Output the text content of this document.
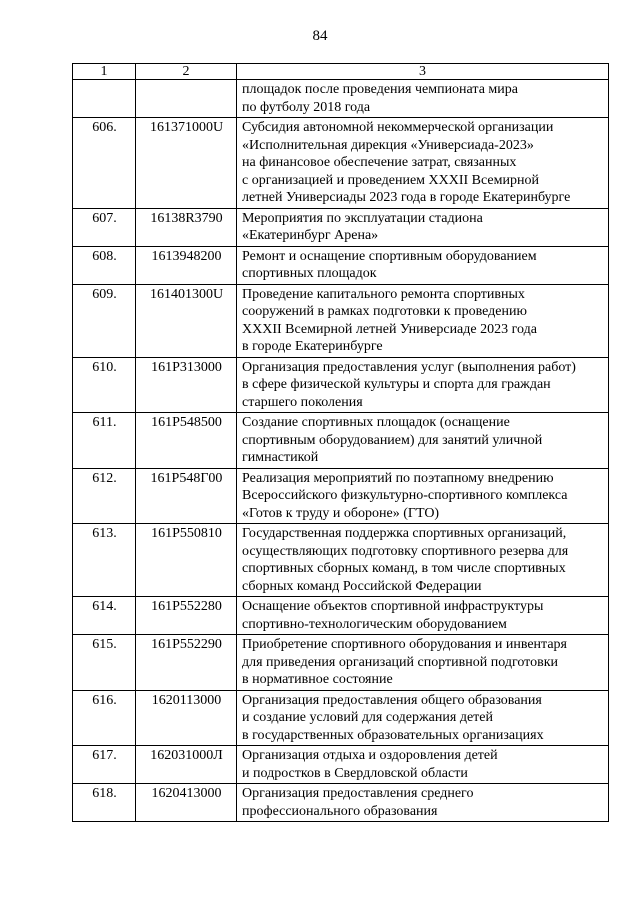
84
1	2	3
		площадок после проведения чемпионата мира
по футболу 2018 года
606.	161371000U	Субсидия автономной некоммерческой организации
«Исполнительная дирекция «Универсиада-2023»
на финансовое обеспечение затрат, связанных
с организацией и проведением XXXII Всемирной
летней Универсиады 2023 года в городе Екатеринбурге
607.	16138R3790	Мероприятия по эксплуатации стадиона
«Екатеринбург Арена»
608.	1613948200	Ремонт и оснащение спортивным оборудованием
спортивных площадок
609.	161401300U	Проведение капитального ремонта спортивных
сооружений в рамках подготовки к проведению
XXXII Всемирной летней Универсиаде 2023 года
в городе Екатеринбурге
610.	161P313000	Организация предоставления услуг (выполнения работ)
в сфере физической культуры и спорта для граждан
старшего поколения
611.	161P548500	Создание спортивных площадок (оснащение
спортивным оборудованием) для занятий уличной
гимнастикой
612.	161P548Г00	Реализация мероприятий по поэтапному внедрению
Всероссийского физкультурно-спортивного комплекса
«Готов к труду и обороне» (ГТО)
613.	161P550810	Государственная поддержка спортивных организаций,
осуществляющих подготовку спортивного резерва для
спортивных сборных команд, в том числе спортивных
сборных команд Российской Федерации
614.	161P552280	Оснащение объектов спортивной инфраструктуры
спортивно-технологическим оборудованием
615.	161P552290	Приобретение спортивного оборудования и инвентаря
для приведения организаций спортивной подготовки
в нормативное состояние
616.	1620113000	Организация предоставления общего образования
и создание условий для содержания детей
в государственных образовательных организациях
617.	162031000Л	Организация отдыха и оздоровления детей
и подростков в Свердловской области
618.	1620413000	Организация предоставления среднего
профессионального образования
